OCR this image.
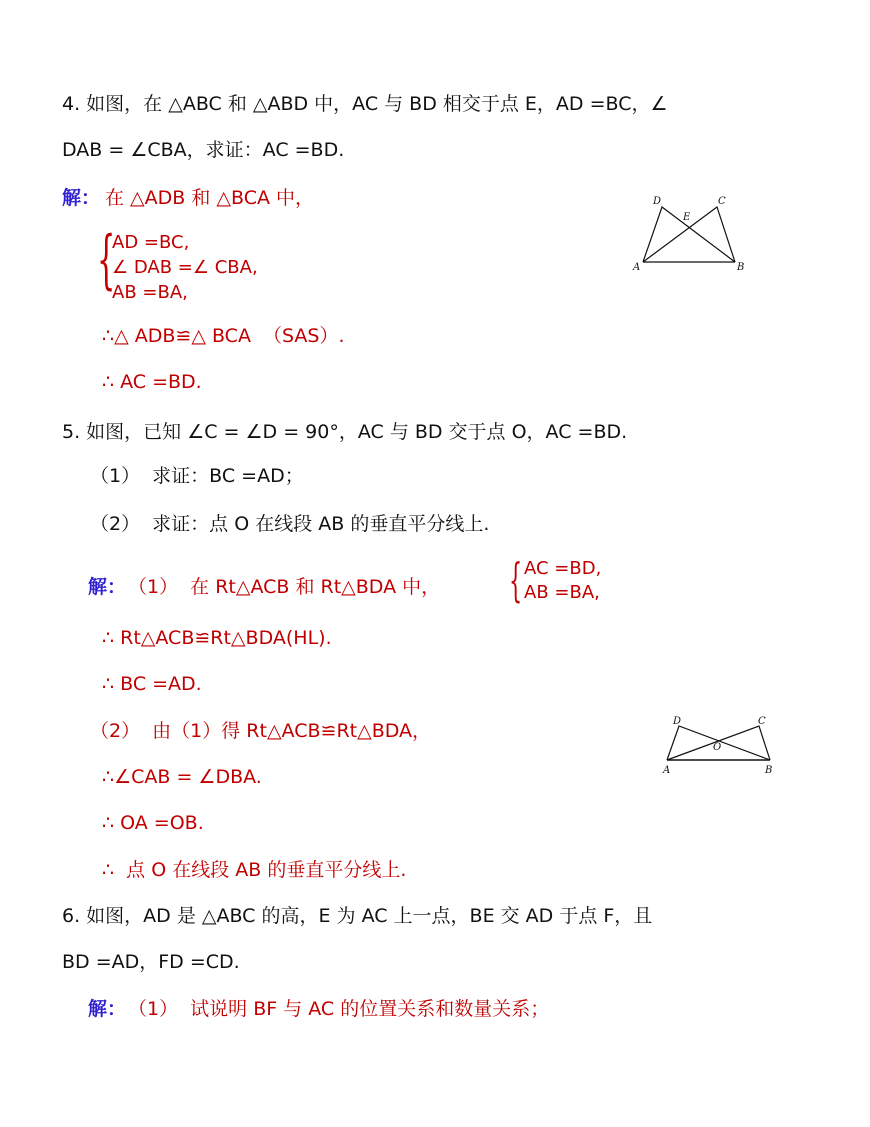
4. 如图，在 △ABC 和 △ABD 中，AC 与 BD 相交于点 E，AD =BC，∠
DAB = ∠CBA，求证：AC =BD.
解： 在 △ADB 和 △BCA 中，
{
AD =BC,
∠ DAB =∠ CBA,
AB =BA,
∴△ ADB≌△ BCA  （SAS）.
∴ AC =BD.
D	C
E
A	B
5. 如图，已知 ∠C = ∠D = 90°，AC 与 BD 交于点 O，AC =BD.
（1）  求证：BC =AD；
（2）  求证：点 O 在线段 AB 的垂直平分线上.
解： （1）  在 Rt△ACB 和 Rt△BDA 中， { AC =BD,
AB =BA,
∴ Rt△ACB≌Rt△BDA(HL).
∴ BC =AD.
（2）  由（1）得 Rt△ACB≌Rt△BDA，
∴∠CAB = ∠DBA.
∴ OA =OB.
∴  点 O 在线段 AB 的垂直平分线上.
D	C
O
A	B
6. 如图，AD 是 △ABC 的高，E 为 AC 上一点，BE 交 AD 于点 F，且
BD =AD，FD =CD.
解： （1）  试说明 BF 与 AC 的位置关系和数量关系；
